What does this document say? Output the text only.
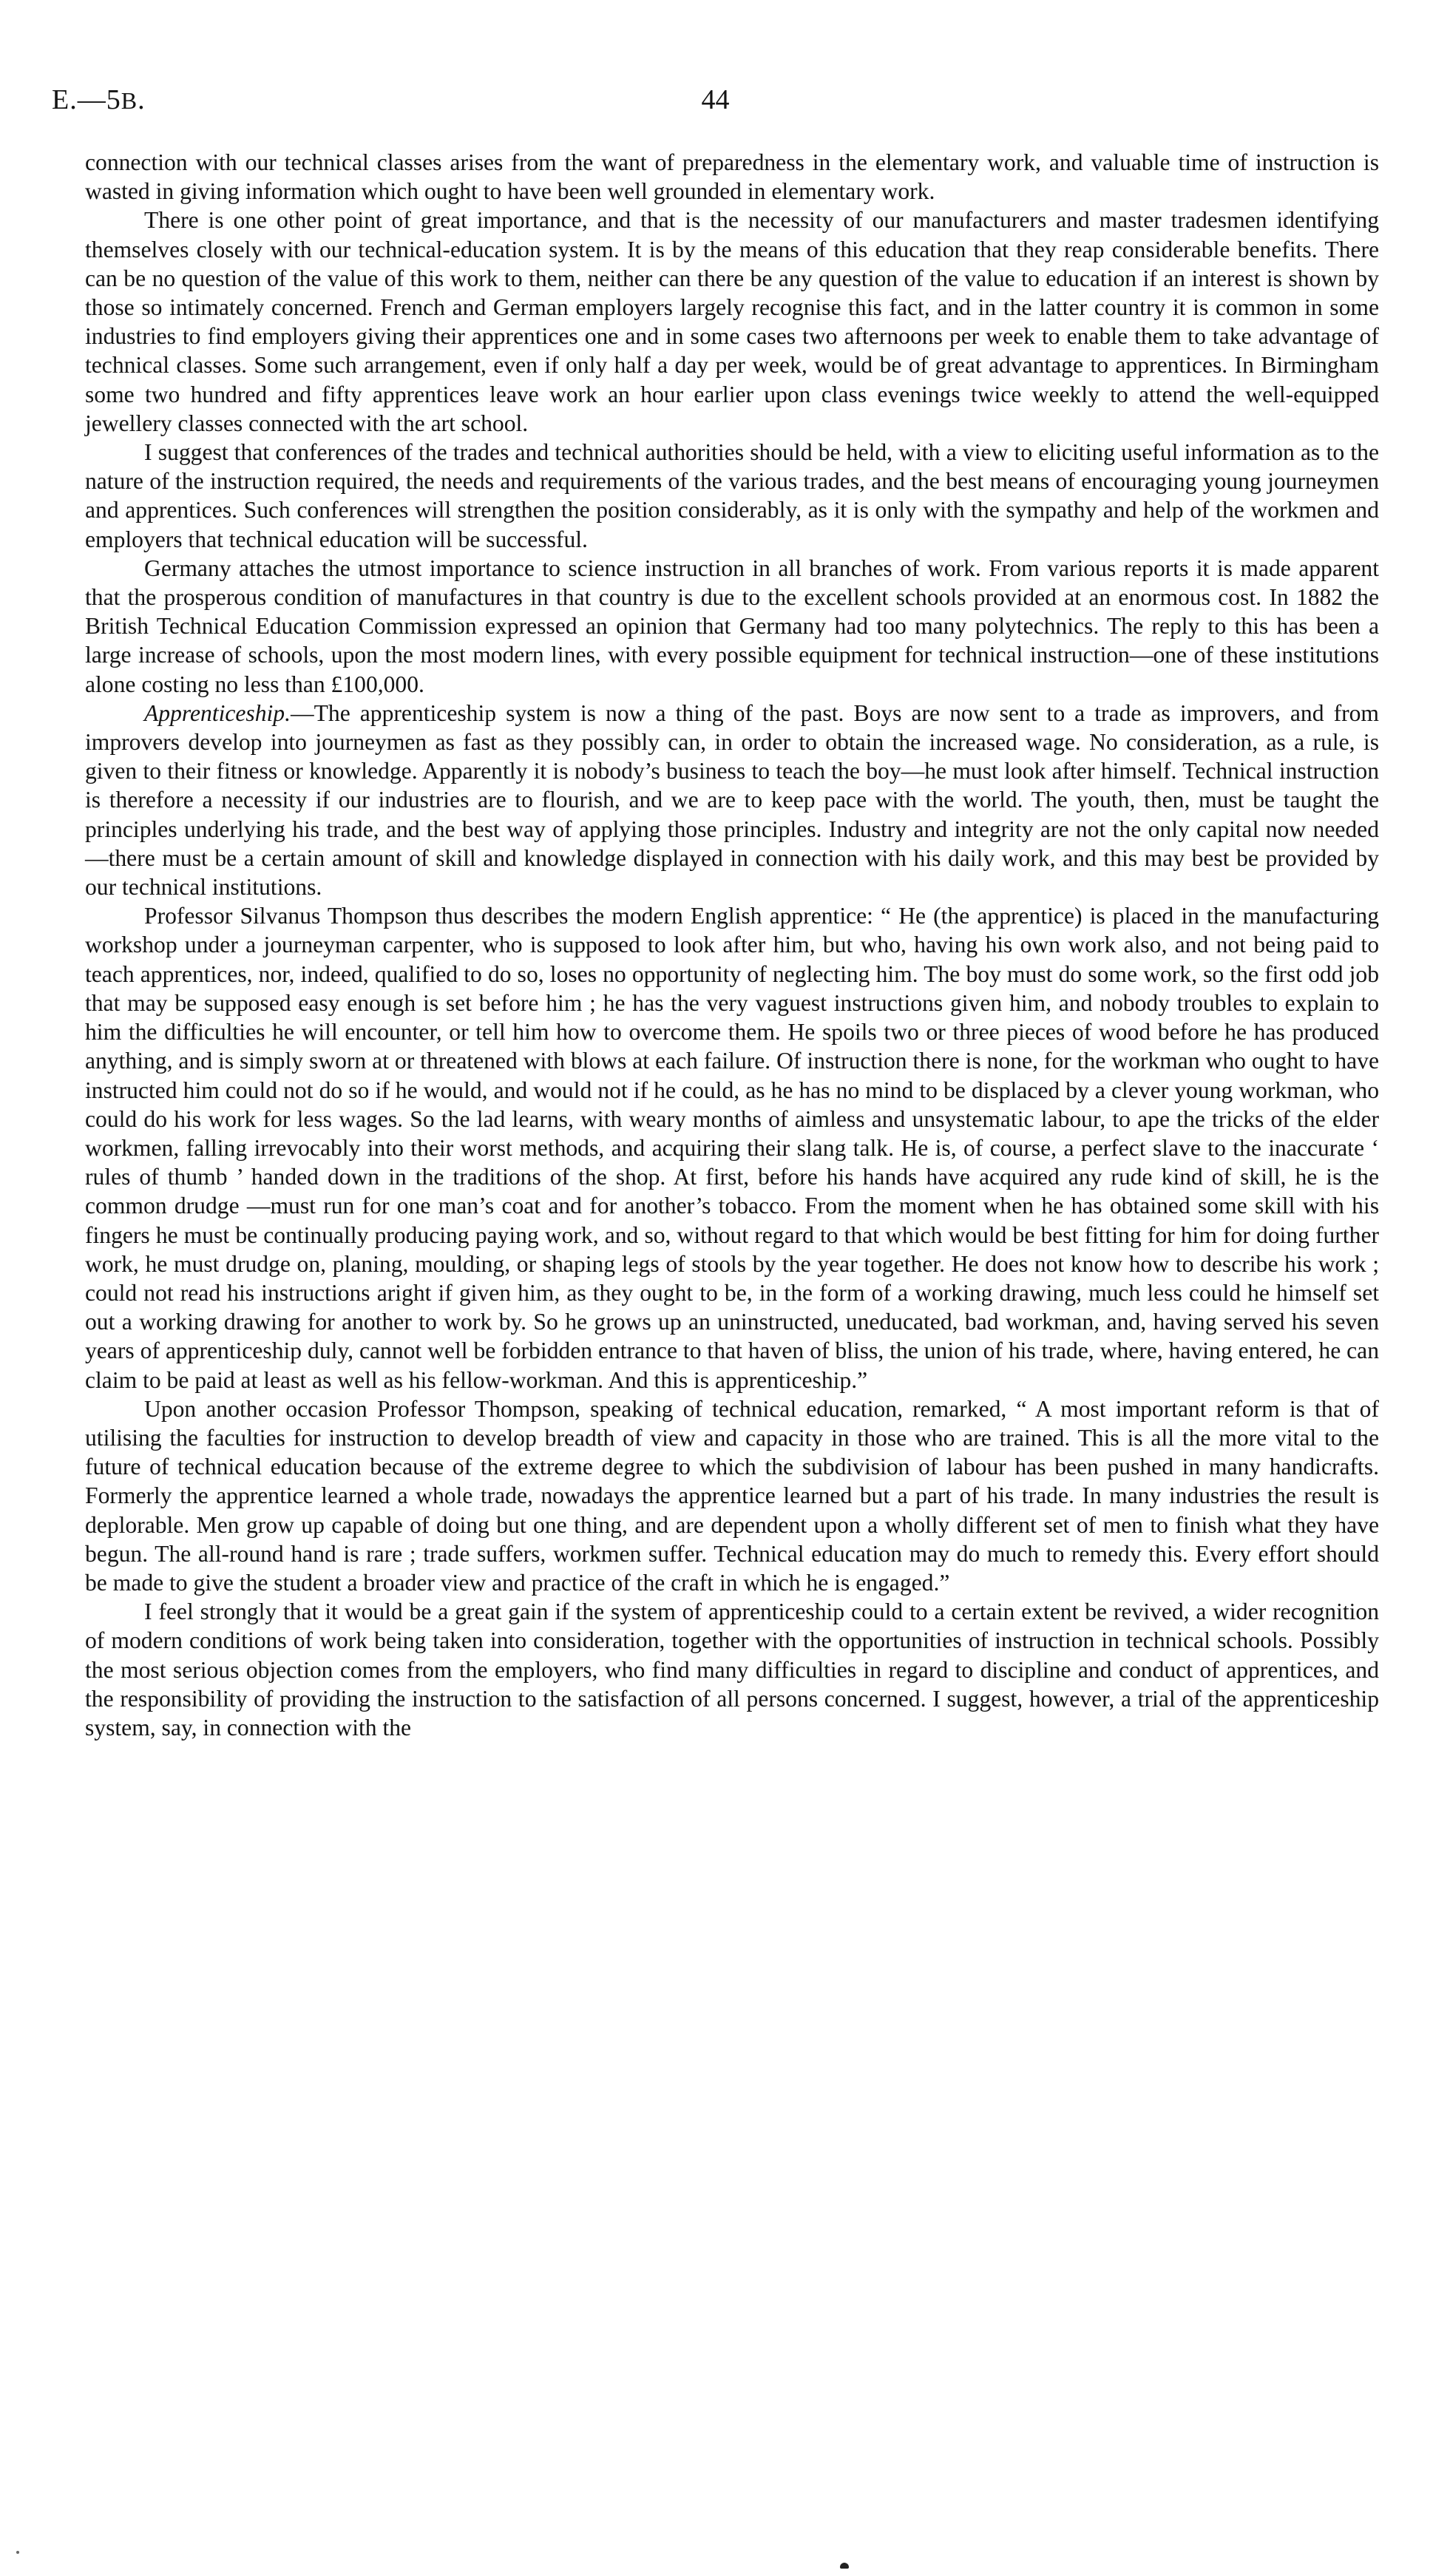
E.—5B.	44

connection with our technical classes arises from the want of preparedness in the elementary work, and valuable time of instruction is wasted in giving information which ought to have been well grounded in elementary work.

There is one other point of great importance, and that is the necessity of our manufacturers and master tradesmen identifying themselves closely with our technical-education system. It is by the means of this education that they reap considerable benefits. There can be no question of the value of this work to them, neither can there be any question of the value to education if an interest is shown by those so intimately concerned. French and German employers largely recognise this fact, and in the latter country it is common in some industries to find employers giving their apprentices one and in some cases two afternoons per week to enable them to take advantage of technical classes. Some such arrangement, even if only half a day per week, would be of great advantage to apprentices. In Birmingham some two hundred and fifty apprentices leave work an hour earlier upon class evenings twice weekly to attend the well-equipped jewellery classes connected with the art school.

I suggest that conferences of the trades and technical authorities should be held, with a view to eliciting useful information as to the nature of the instruction required, the needs and requirements of the various trades, and the best means of encouraging young journeymen and apprentices. Such conferences will strengthen the position considerably, as it is only with the sympathy and help of the workmen and employers that technical education will be successful.

Germany attaches the utmost importance to science instruction in all branches of work. From various reports it is made apparent that the prosperous condition of manufactures in that country is due to the excellent schools provided at an enormous cost. In 1882 the British Technical Education Commission expressed an opinion that Germany had too many polytechnics. The reply to this has been a large increase of schools, upon the most modern lines, with every possible equipment for technical instruction—one of these institutions alone costing no less than £100,000.

Apprenticeship.—The apprenticeship system is now a thing of the past. Boys are now sent to a trade as improvers, and from improvers develop into journeymen as fast as they possibly can, in order to obtain the increased wage. No consideration, as a rule, is given to their fitness or knowledge. Apparently it is nobody’s business to teach the boy—he must look after himself. Technical instruction is therefore a necessity if our industries are to flourish, and we are to keep pace with the world. The youth, then, must be taught the principles underlying his trade, and the best way of applying those principles. Industry and integrity are not the only capital now needed—there must be a certain amount of skill and knowledge displayed in connection with his daily work, and this may best be provided by our technical institutions.

Professor Silvanus Thompson thus describes the modern English apprentice: “ He (the apprentice) is placed in the manufacturing workshop under a journeyman carpenter, who is supposed to look after him, but who, having his own work also, and not being paid to teach apprentices, nor, indeed, qualified to do so, loses no opportunity of neglecting him. The boy must do some work, so the first odd job that may be supposed easy enough is set before him ; he has the very vaguest instructions given him, and nobody troubles to explain to him the difficulties he will encounter, or tell him how to overcome them. He spoils two or three pieces of wood before he has produced anything, and is simply sworn at or threatened with blows at each failure. Of instruction there is none, for the workman who ought to have instructed him could not do so if he would, and would not if he could, as he has no mind to be displaced by a clever young workman, who could do his work for less wages. So the lad learns, with weary months of aimless and unsystematic labour, to ape the tricks of the elder workmen, falling irrevocably into their worst methods, and acquiring their slang talk. He is, of course, a perfect slave to the inaccurate ‘ rules of thumb ’ handed down in the traditions of the shop. At first, before his hands have acquired any rude kind of skill, he is the common drudge —must run for one man’s coat and for another’s tobacco. From the moment when he has obtained some skill with his fingers he must be continually producing paying work, and so, without regard to that which would be best fitting for him for doing further work, he must drudge on, planing, moulding, or shaping legs of stools by the year together. He does not know how to describe his work ; could not read his instructions aright if given him, as they ought to be, in the form of a working drawing, much less could he himself set out a working drawing for another to work by. So he grows up an uninstructed, uneducated, bad workman, and, having served his seven years of apprenticeship duly, cannot well be forbidden entrance to that haven of bliss, the union of his trade, where, having entered, he can claim to be paid at least as well as his fellow-workman. And this is apprenticeship.”

Upon another occasion Professor Thompson, speaking of technical education, remarked, “ A most important reform is that of utilising the faculties for instruction to develop breadth of view and capacity in those who are trained. This is all the more vital to the future of technical education because of the extreme degree to which the subdivision of labour has been pushed in many handicrafts. Formerly the apprentice learned a whole trade, nowadays the apprentice learned but a part of his trade. In many industries the result is deplorable. Men grow up capable of doing but one thing, and are dependent upon a wholly different set of men to finish what they have begun. The all-round hand is rare ; trade suffers, workmen suffer. Technical education may do much to remedy this. Every effort should be made to give the student a broader view and practice of the craft in which he is engaged.”

I feel strongly that it would be a great gain if the system of apprenticeship could to a certain extent be revived, a wider recognition of modern conditions of work being taken into consideration, together with the opportunities of instruction in technical schools. Possibly the most serious objection comes from the employers, who find many difficulties in regard to discipline and conduct of apprentices, and the responsibility of providing the instruction to the satisfaction of all persons concerned. I suggest, however, a trial of the apprenticeship system, say, in connection with the
